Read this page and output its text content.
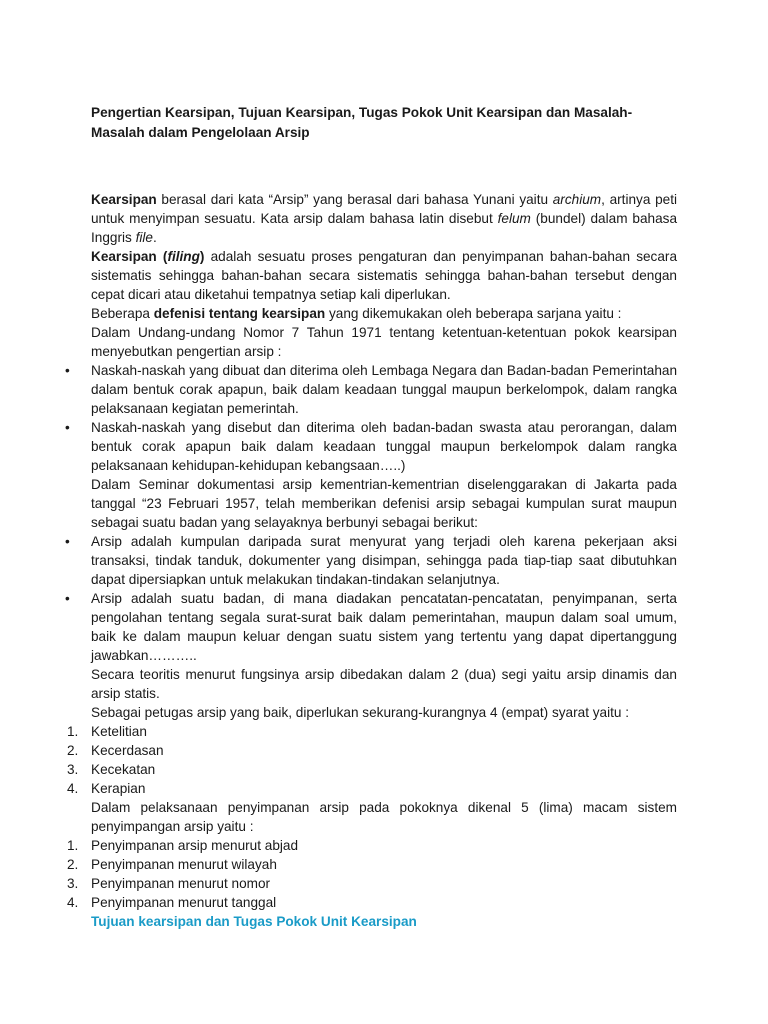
Pengertian Kearsipan, Tujuan Kearsipan, Tugas Pokok Unit Kearsipan dan Masalah-Masalah dalam Pengelolaan Arsip

Kearsipan berasal dari kata “Arsip” yang berasal dari bahasa Yunani yaitu archium, artinya peti untuk menyimpan sesuatu. Kata arsip dalam bahasa latin disebut felum (bundel) dalam bahasa Inggris file.

Kearsipan (filing) adalah sesuatu proses pengaturan dan penyimpanan bahan-bahan secara sistematis sehingga bahan-bahan secara sistematis sehingga bahan-bahan tersebut dengan cepat dicari atau diketahui tempatnya setiap kali diperlukan.

Beberapa defenisi tentang kearsipan yang dikemukakan oleh beberapa sarjana yaitu :

Dalam Undang-undang Nomor 7 Tahun 1971 tentang ketentuan-ketentuan pokok kearsipan menyebutkan pengertian arsip :

• Naskah-naskah yang dibuat dan diterima oleh Lembaga Negara dan Badan-badan Pemerintahan dalam bentuk corak apapun, baik dalam keadaan tunggal maupun berkelompok, dalam rangka pelaksanaan kegiatan pemerintah.
• Naskah-naskah yang disebut dan diterima oleh badan-badan swasta atau perorangan, dalam bentuk corak apapun baik dalam keadaan tunggal maupun berkelompok dalam rangka pelaksanaan kehidupan-kehidupan kebangsaan…..)

Dalam Seminar dokumentasi arsip kementrian-kementrian diselenggarakan di Jakarta pada tanggal “23 Februari 1957, telah memberikan defenisi arsip sebagai kumpulan surat maupun sebagai suatu badan yang selayaknya berbunyi sebagai berikut:

• Arsip adalah kumpulan daripada surat menyurat yang terjadi oleh karena pekerjaan aksi transaksi, tindak tanduk, dokumenter yang disimpan, sehingga pada tiap-tiap saat dibutuhkan dapat dipersiapkan untuk melakukan tindakan-tindakan selanjutnya.
• Arsip adalah suatu badan, di mana diadakan pencatatan-pencatatan, penyimpanan, serta pengolahan tentang segala surat-surat baik dalam pemerintahan, maupun dalam soal umum, baik ke dalam maupun keluar dengan suatu sistem yang tertentu yang dapat dipertanggung jawabkan………..

Secara teoritis menurut fungsinya arsip dibedakan dalam 2 (dua) segi yaitu arsip dinamis dan arsip statis.

Sebagai petugas arsip yang baik, diperlukan sekurang-kurangnya 4 (empat) syarat yaitu :

1. Ketelitian
2. Kecerdasan
3. Kecekatan
4. Kerapian

Dalam pelaksanaan penyimpanan arsip pada pokoknya dikenal 5 (lima) macam sistem penyimpangan arsip yaitu :

1. Penyimpanan arsip menurut abjad
2. Penyimpanan menurut wilayah
3. Penyimpanan menurut nomor
4. Penyimpanan menurut tanggal

Tujuan kearsipan dan Tugas Pokok Unit Kearsipan
